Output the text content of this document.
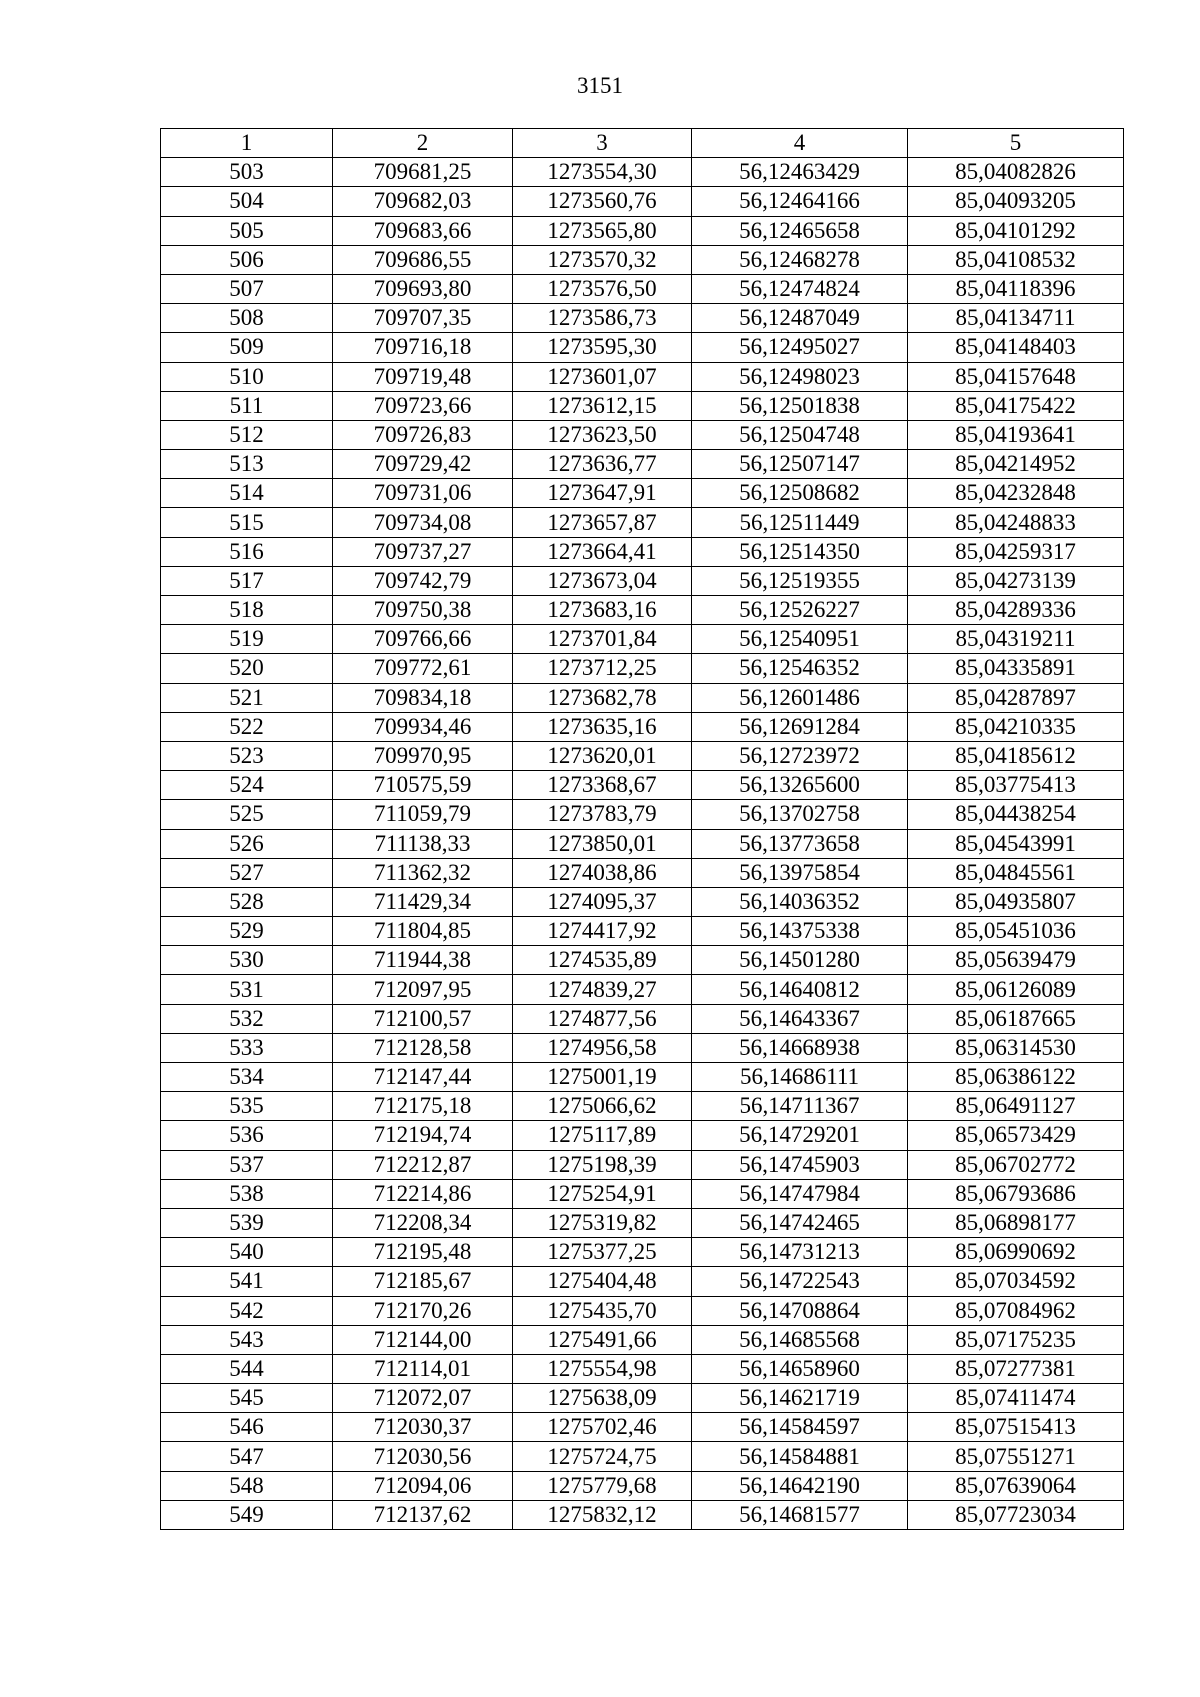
3151
1	2	3	4	5
503	709681,25	1273554,30	56,12463429	85,04082826
504	709682,03	1273560,76	56,12464166	85,04093205
505	709683,66	1273565,80	56,12465658	85,04101292
506	709686,55	1273570,32	56,12468278	85,04108532
507	709693,80	1273576,50	56,12474824	85,04118396
508	709707,35	1273586,73	56,12487049	85,04134711
509	709716,18	1273595,30	56,12495027	85,04148403
510	709719,48	1273601,07	56,12498023	85,04157648
511	709723,66	1273612,15	56,12501838	85,04175422
512	709726,83	1273623,50	56,12504748	85,04193641
513	709729,42	1273636,77	56,12507147	85,04214952
514	709731,06	1273647,91	56,12508682	85,04232848
515	709734,08	1273657,87	56,12511449	85,04248833
516	709737,27	1273664,41	56,12514350	85,04259317
517	709742,79	1273673,04	56,12519355	85,04273139
518	709750,38	1273683,16	56,12526227	85,04289336
519	709766,66	1273701,84	56,12540951	85,04319211
520	709772,61	1273712,25	56,12546352	85,04335891
521	709834,18	1273682,78	56,12601486	85,04287897
522	709934,46	1273635,16	56,12691284	85,04210335
523	709970,95	1273620,01	56,12723972	85,04185612
524	710575,59	1273368,67	56,13265600	85,03775413
525	711059,79	1273783,79	56,13702758	85,04438254
526	711138,33	1273850,01	56,13773658	85,04543991
527	711362,32	1274038,86	56,13975854	85,04845561
528	711429,34	1274095,37	56,14036352	85,04935807
529	711804,85	1274417,92	56,14375338	85,05451036
530	711944,38	1274535,89	56,14501280	85,05639479
531	712097,95	1274839,27	56,14640812	85,06126089
532	712100,57	1274877,56	56,14643367	85,06187665
533	712128,58	1274956,58	56,14668938	85,06314530
534	712147,44	1275001,19	56,14686111	85,06386122
535	712175,18	1275066,62	56,14711367	85,06491127
536	712194,74	1275117,89	56,14729201	85,06573429
537	712212,87	1275198,39	56,14745903	85,06702772
538	712214,86	1275254,91	56,14747984	85,06793686
539	712208,34	1275319,82	56,14742465	85,06898177
540	712195,48	1275377,25	56,14731213	85,06990692
541	712185,67	1275404,48	56,14722543	85,07034592
542	712170,26	1275435,70	56,14708864	85,07084962
543	712144,00	1275491,66	56,14685568	85,07175235
544	712114,01	1275554,98	56,14658960	85,07277381
545	712072,07	1275638,09	56,14621719	85,07411474
546	712030,37	1275702,46	56,14584597	85,07515413
547	712030,56	1275724,75	56,14584881	85,07551271
548	712094,06	1275779,68	56,14642190	85,07639064
549	712137,62	1275832,12	56,14681577	85,07723034
